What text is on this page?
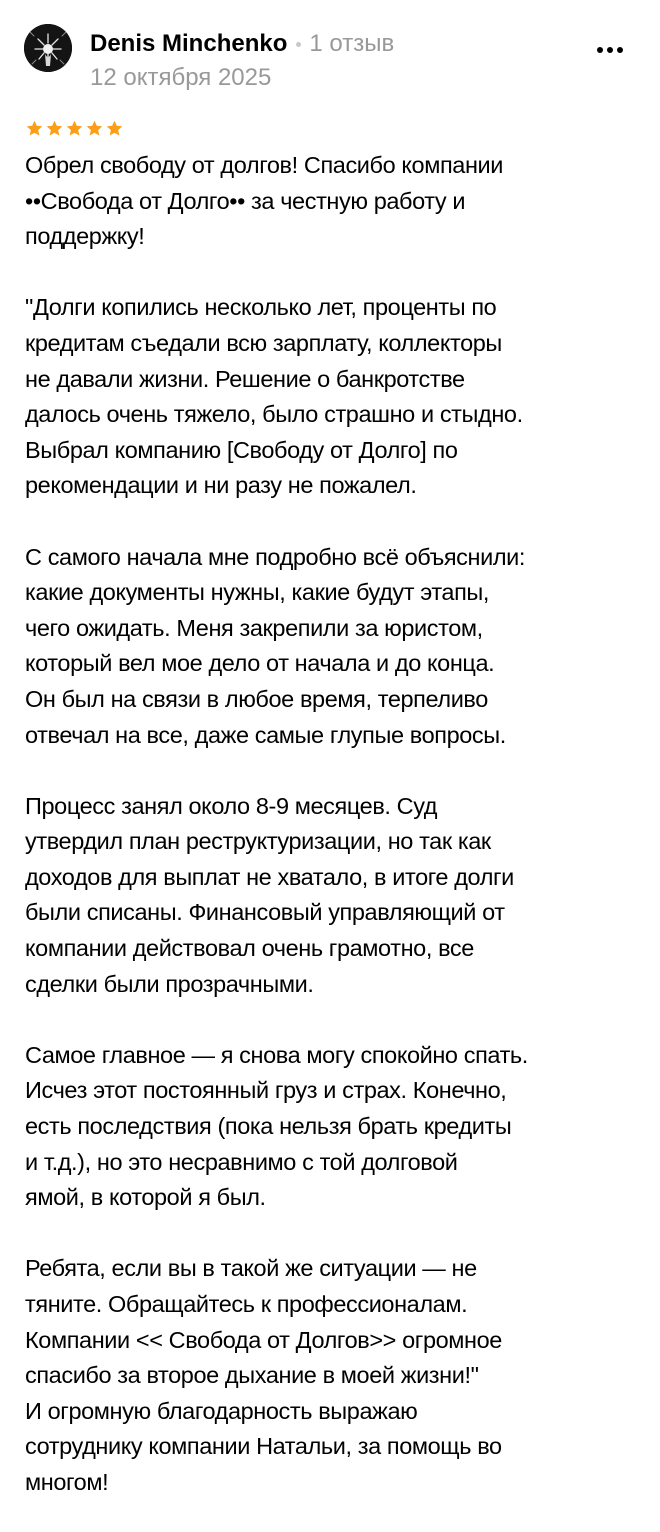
Denis Minchenko 1 отзыв
12 октября 2025
Обрел свободу от долгов! Спасибо компании
••Свобода от Долго•• за честную работу и
поддержку!
"Долги копились несколько лет, проценты по
кредитам съедали всю зарплату, коллекторы
не давали жизни. Решение о банкротстве
далось очень тяжело, было страшно и стыдно.
Выбрал компанию [Свободу от Долго] по
рекомендации и ни разу не пожалел.
С самого начала мне подробно всё объяснили:
какие документы нужны, какие будут этапы,
чего ожидать. Меня закрепили за юристом,
который вел мое дело от начала и до конца.
Он был на связи в любое время, терпеливо
отвечал на все, даже самые глупые вопросы.
Процесс занял около 8-9 месяцев. Суд
утвердил план реструктуризации, но так как
доходов для выплат не хватало, в итоге долги
были списаны. Финансовый управляющий от
компании действовал очень грамотно, все
сделки были прозрачными.
Самое главное — я снова могу спокойно спать.
Исчез этот постоянный груз и страх. Конечно,
есть последствия (пока нельзя брать кредиты
и т.д.), но это несравнимо с той долговой
ямой, в которой я был.
Ребята, если вы в такой же ситуации — не
тяните. Обращайтесь к профессионалам.
Компании << Свобода от Долгов>> огромное
спасибо за второе дыхание в моей жизни!"
И огромную благодарность выражаю
сотруднику компании Натальи, за помощь во
многом!
